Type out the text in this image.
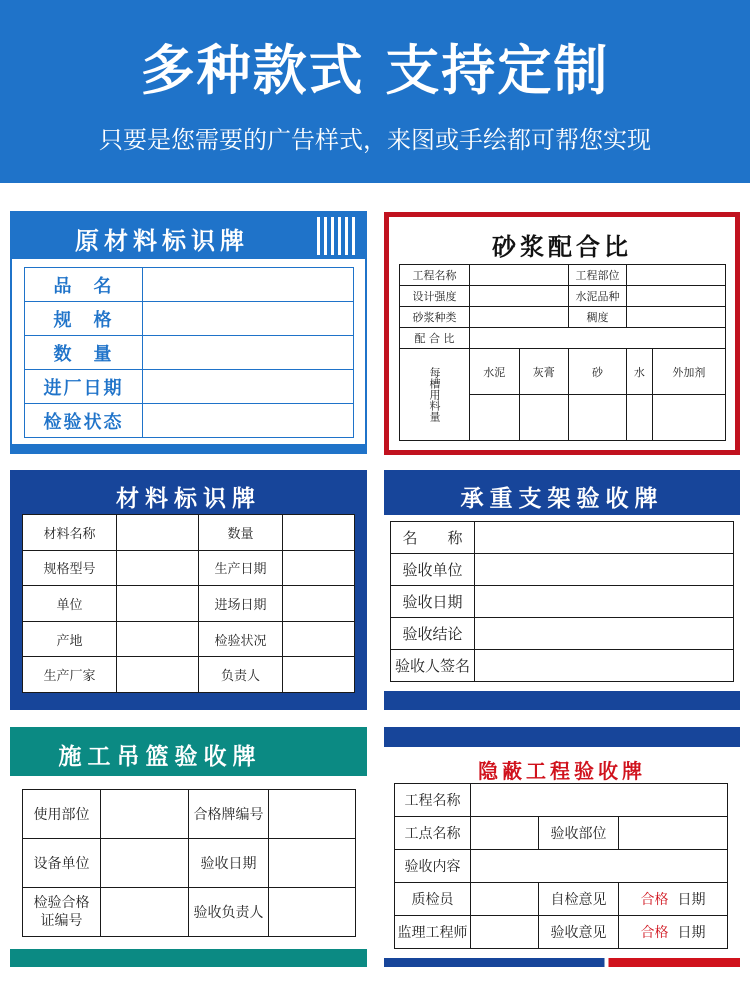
多种款式 支持定制
只要是您需要的广告样式，来图或手绘都可帮您实现
原材料标识牌
品　名	
规　格	
数　量	
进厂日期	
检验状态	
砂浆配合比
工程名称			工程部位		
设计强度			水泥品种		
砂浆种类			稠度		
配 合 比					
每槽用料量	水泥	灰膏	砂	水	外加剂

材料标识牌
材料名称		数量	
规格型号		生产日期	
单位		进场日期	
产地		检验状况	
生产厂家		负责人	
承重支架验收牌
名　　称	
验收单位	
验收日期	
验收结论	
验收人签名	
施工吊篮验收牌
使用部位		合格牌编号	
设备单位		验收日期	
检验合格
证编号		验收负责人	
隐蔽工程验收牌
工程名称			
工点名称		验收部位	
验收内容			
质检员		自检意见	合格 日期
监理工程师		验收意见	合格 日期
